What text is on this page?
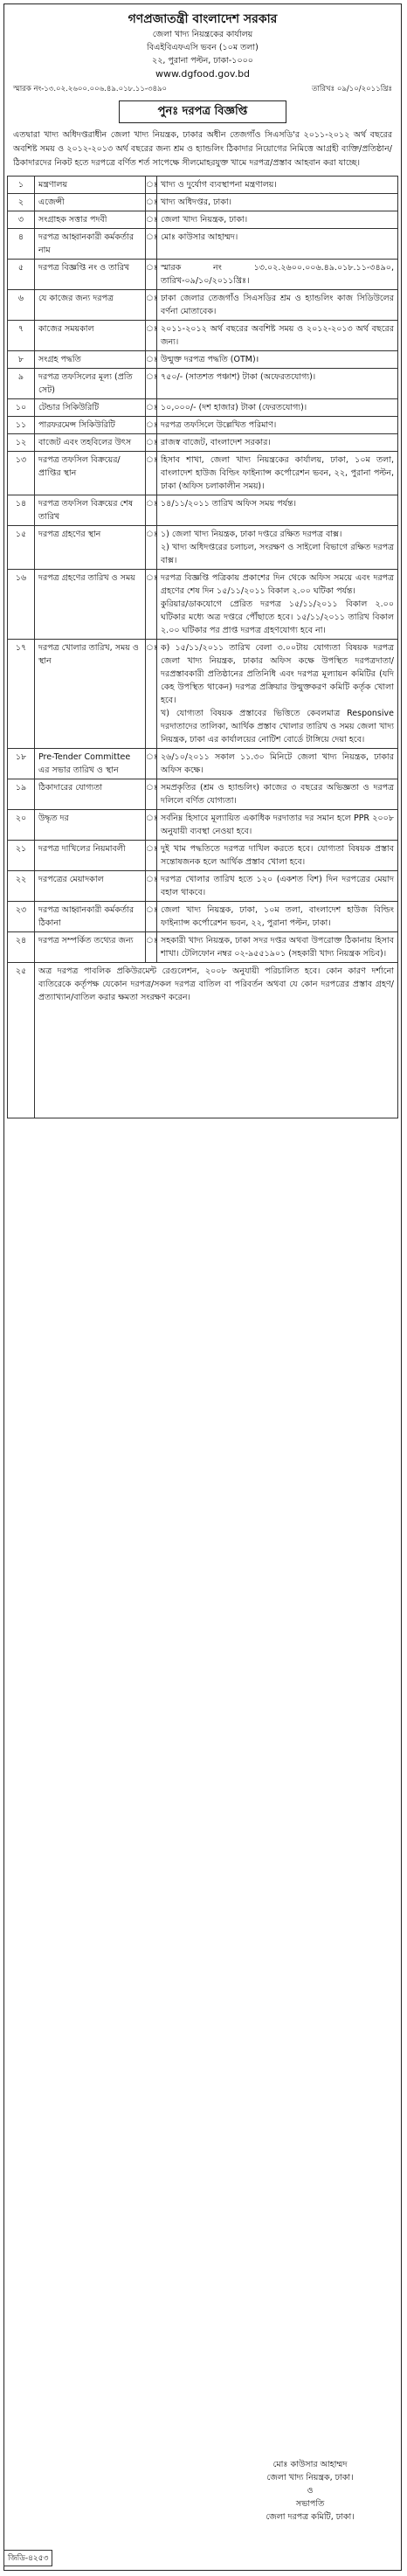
গণপ্রজাতন্ত্রী বাংলাদেশ সরকার
জেলা খাদ্য নিয়ন্ত্রকের কার্যালয়
বিএইবিএফএসি ভবন (১০ম তলা)
২২, পুরানা পল্টন, ঢাকা-১০০০
www.dgfood.gov.bd
স্মারক নং-১৩.০২.২৬০০.০০৬.৪৯.০১৮.১১-৩৪৯০	তারিখঃ ০৯/১০/২০১১খ্রিঃ
পুনঃ দরপত্র বিজ্ঞপ্তি
এতদ্বারা খাদ্য অধিদপ্তরাধীন জেলা খাদ্য নিয়ন্ত্রক, ঢাকার অধীন তেজগাঁও সিএসডি'র ২০১১-২০১২ অর্থ বছরের অবশিষ্ট সময় ও ২০১২-২০১৩ অর্থ বছরের জন্য শ্রম ও হ্যান্ডলিং ঠিকাদার নিয়োগের নিমিত্তে আগ্রহী ব্যক্তি/প্রতিষ্ঠান/ঠিকাদারদের নিকট হতে দরপত্রে বর্ণিত শর্ত সাপেক্ষে সীলমোহরযুক্ত খামে দরপত্র/প্রস্তাব আহবান করা যাচ্ছে।
১	মন্ত্রণালয়	ঃ	খাদ্য ও দুর্যোগ ব্যবস্থাপনা মন্ত্রণালয়।
২	এজেন্সী	ঃ	খাদ্য অধিদপ্তর, ঢাকা।
৩	সংগ্রাহক সত্তার পদবী	ঃ	জেলা খাদ্য নিয়ন্ত্রক, ঢাকা।
৪	দরপত্র আহ্বানকারী কর্মকর্তার নাম	ঃ	মোঃ কাউসার আহাম্মদ।
৫	দরপত্র বিজ্ঞপ্তি নং ও তারিখ	ঃ	স্মারক নং ১৩.০২.২৬০০.০০৬.৪৯.০১৮.১১-৩৪৯০, তারিখ-০৯/১০/২০১১খ্রিঃ।
৬	যে কাজের জন্য দরপত্র	ঃ	ঢাকা জেলার তেজগাঁও সিএসডির শ্রম ও হ্যান্ডলিং কাজ সিডিউলের বর্ণনা মোতাবেক।
৭	কাজের সময়কাল	ঃ	২০১১-২০১২ অর্থ বছরের অবশিষ্ট সময় ও ২০১২-২০১৩ অর্থ বছরের জন্য।
৮	সংগ্রহ পদ্ধতি	ঃ	উন্মুক্ত দরপত্র পদ্ধতি (OTM)।
৯	দরপত্র তফসিলের মূল্য (প্রতি সেট)	ঃ	৭৫০/- (সাতশত পঞ্চাশ) টাকা (অফেরতযোগ্য)।
১০	টেন্ডার সিকিউরিটি	ঃ	১০,০০০/- (দশ হাজার) টাকা (ফেরতযোগ্য)।
১১	পারফরমেন্স সিকিউরিটি	ঃ	দরপত্র তফসিলে উল্লেখিত পরিমাণ।
১২	বাজেট এবং তহবিলের উৎস	ঃ	রাজস্ব বাজেট, বাংলাদেশ সরকার।
১৩	দরপত্র তফসিল বিক্রয়ের/প্রাপ্তির স্থান	ঃ	হিসাব শাখা, জেলা খাদ্য নিয়ন্ত্রকের কার্যালয়, ঢাকা, ১০ম তলা, বাংলাদেশ হাউজ বিল্ডিং ফাইন্যান্স কর্পোরেশন ভবন, ২২, পুরানা পল্টন, ঢাকা (অফিস চলাকালীন সময়)।
১৪	দরপত্র তফসিল বিক্রয়ের শেষ তারিখ	ঃ	১৪/১১/২০১১ তারিখ অফিস সময় পর্যন্ত।
১৫	দরপত্র গ্রহণের স্থান	ঃ	১) জেলা খাদ্য নিয়ন্ত্রক, ঢাকা দপ্তরে রক্ষিত দরপত্র বাক্স।
২) খাদ্য অধিদপ্তরের চলাচল, সংরক্ষণ ও সাইলো বিভাগে রক্ষিত দরপত্র বাক্স।
১৬	দরপত্র গ্রহণের তারিখ ও সময়	ঃ	দরপত্র বিজ্ঞপ্তি পত্রিকায় প্রকাশের দিন থেকে অফিস সময়ে এবং দরপত্র গ্রহণের শেষ দিন ১৫/১১/২০১১ বিকাল ২.০০ ঘটিকা পর্যন্ত।
কুরিয়ার/ডাকযোগে প্রেরিত দরপত্র ১৫/১১/২০১১ বিকাল ২.০০ ঘটিকার মধ্যে অত্র দপ্তরে পৌঁছাতে হবে। ১৫/১১/২০১১ তারিখ বিকাল ২.০০ ঘটিকার পর প্রাপ্ত দরপত্র গ্রহণযোগ্য হবে না।
১৭	দরপত্র খোলার তারিখ, সময় ও স্থান	ঃ	ক) ১৫/১১/২০১১ তারিখ বেলা ৩.০০টায় যোগ্যতা বিষয়ক দরপত্র জেলা খাদ্য নিয়ন্ত্রক, ঢাকার অফিস কক্ষে উপস্থিত দরপত্রদাতা/দরপ্রস্তাবকারী প্রতিষ্ঠানের প্রতিনিধি এবং দরপত্র মূল্যায়ন কমিটির (যদি কেহ উপস্থিত থাকেন) দরপত্র প্রক্রিয়ার উন্মুক্তকরণ কমিটি কর্তৃক খোলা হবে।
খ) যোগ্যতা বিষয়ক প্রস্তাবের ভিত্তিতে কেবলমাত্র Responsive দরদাতাদের তালিকা, আর্থিক প্রস্তাব খোলার তারিখ ও সময় জেলা খাদ্য নিয়ন্ত্রক, ঢাকা এর কার্যালয়ের নোটিশ বোর্ডে টাঙ্গিয়ে দেয়া হবে।
১৮	Pre-Tender Committee এর সভার তারিখ ও স্থান	ঃ	২৬/১০/২০১১ সকাল ১১.৩০ মিনিটে জেলা খাদ্য নিয়ন্ত্রক, ঢাকার অফিস কক্ষে।
১৯	ঠিকাদারের যোগ্যতা	ঃ	সমপ্রকৃতির (শ্রম ও হ্যান্ডলিং) কাজের ৩ বছরের অভিজ্ঞতা ও দরপত্র দলিলে বর্ণিত যোগ্যতা।
২০	উদ্ধৃত দর	ঃ	সর্বনিম্ন হিসাবে মূল্যায়িত একাধিক দরদাতার দর সমান হলে PPR ২০০৮ অনুযায়ী ব্যবস্থা নেওয়া হবে।
২১	দরপত্র দাখিলের নিয়মাবলী	ঃ	দুই খাম পদ্ধতিতে দরপত্র দাখিল করতে হবে। যোগ্যতা বিষয়ক প্রস্তাব সন্তোষজনক হলে আর্থিক প্রস্তাব খোলা হবে।
২২	দরপত্রের মেয়াদকাল	ঃ	দরপত্র খোলার তারিখ হতে ১২০ (একশত বিশ) দিন দরপত্রের মেয়াদ বহাল থাকবে।
২৩	দরপত্র আহ্বানকারী কর্মকর্তার ঠিকানা	ঃ	জেলা খাদ্য নিয়ন্ত্রক, ঢাকা, ১০ম তলা, বাংলাদেশ হাউজ বিল্ডিং ফাইন্যান্স কর্পোরেশন ভবন, ২২, পুরানা পল্টন, ঢাকা।
২৪	দরপত্র সম্পর্কিত তথ্যের জন্য	ঃ	সহকারী খাদ্য নিয়ন্ত্রক, ঢাকা সদর দপ্তর অথবা উপরোক্ত ঠিকানায় হিসাব শাখা। টেলিফোন নম্বর ০২-৯৫৫১৯০১ (সহকারী খাদ্য নিয়ন্ত্রক সচিব)।
২৫	অত্র দরপত্র পাবলিক প্রকিউরমেন্ট রেগুলেশন, ২০০৮ অনুযায়ী পরিচালিত হবে। কোন কারণ দর্শানো ব্যতিরেকে কর্তৃপক্ষ যেকোন দরপত্র/সকল দরপত্র বাতিল বা পরিবর্তন অথবা যে কোন দরপত্রের প্রস্তাব গ্রহণ/প্রত্যাখ্যান/বাতিল করার ক্ষমতা সংরক্ষণ করেন।		
মোঃ কাউসার আহাম্মদ
জেলা খাদ্য নিয়ন্ত্রক, ঢাকা।
ও
সভাপতি
জেলা দরপত্র কমিটি, ঢাকা।
জিডি-৪২৫৩
